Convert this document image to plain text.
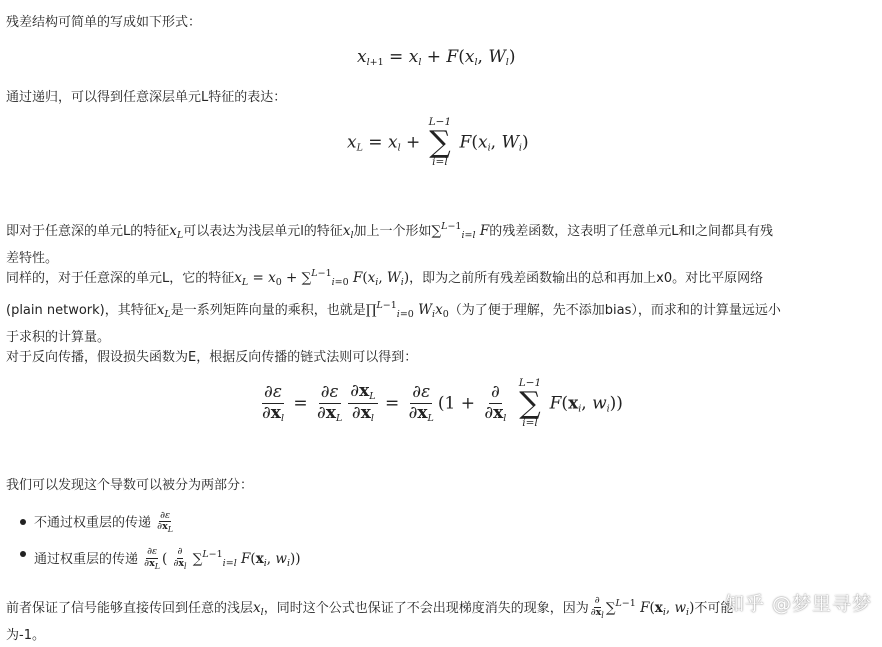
残差结构可简单的写成如下形式：
$x_{l+1} = x_l + F(x_l$, $W_l$)
通过递归，可以得到任意深层单元L特征的表达：
$x_L = x_l$ +
L−1
∑
i=l
$F(x_i$, $W_i$)
即对于任意深的单元L的特征$x_L$可以表达为浅层单元l的特征$x_l$加上一个形如∑$^{L-1}_{i=l}$ F的残差函数，这表明了任意单元L和l之间都具有残
差特性。
同样的，对于任意深的单元L，它的特征$x_L = x_0 + \sum^{L-1}_{i=0}$ $F(x_i$, $W_i$)，即为之前所有残差函数输出的总和再加上x0。对比平原网络
(plain network)，其特征$x_L$是一系列矩阵向量的乘积，也就是∏$^{L-1}_{i=0}$ $W_ix_0$（为了便于理解，先不添加bias），而求和的计算量远远小
于求积的计算量。
对于反向传播，假设损失函数为E，根据反向传播的链式法则可以得到：
$\frac{\partial\varepsilon}{\partial x_l} = \frac{\partial\varepsilon}{\partial x_L} \frac{\partial x_L}{\partial x_l} = \frac{\partial\varepsilon}{\partial x_L} (1 + \frac{\partial}{\partial x_l}$

L−1
∑
i=l
$F(x_i$, $w_i$))
我们可以发现这个导数可以被分为两部分：
不通过权重层的传递 $\frac{\partial\varepsilon}{\partial x_L}$
通过权重层的传递 $\frac{\partial\varepsilon}{\partial x_L}$ ( $\frac{\partial}{\partial x_l} \sum^{L-1}_{i=l}$ $F(x_i$, $w_i$))
前者保证了信号能够直接传回到任意的浅层$x_l$，同时这个公式也保证了不会出现梯度消失的现象，因为 $\frac{\partial}{\partial x_l} \sum^{L-1}$ $F(x_i$, $w_i$)不可能
为-1。
知乎 @梦里寻梦
